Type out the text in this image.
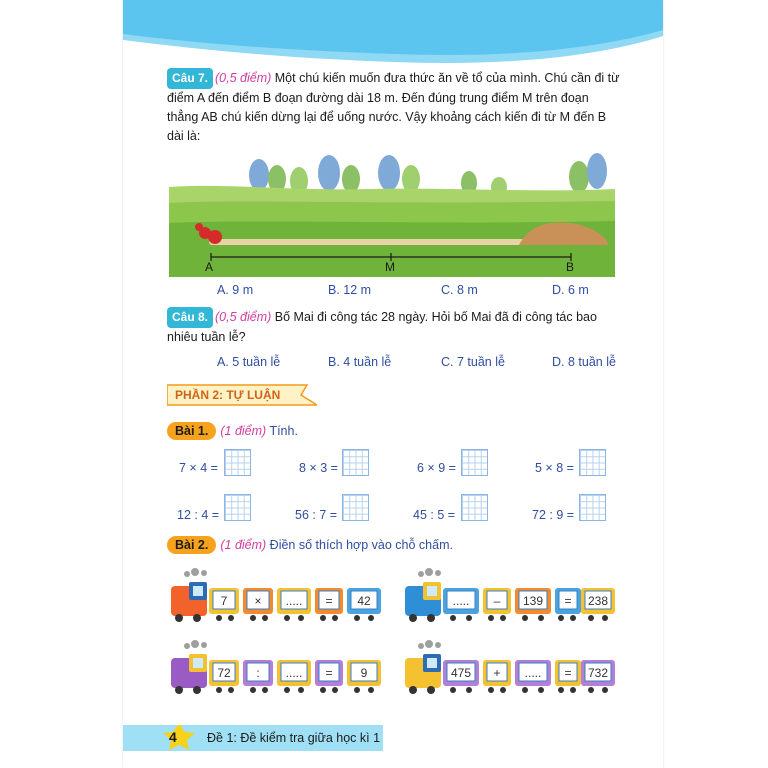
Câu 7. (0,5 điểm) Một chú kiến muốn đưa thức ăn về tổ của mình. Chú cần đi từ
điểm A đến điểm B đoạn đường dài 18 m. Đến đúng trung điểm M trên đoạn
thẳng AB chú kiến dừng lại để uống nước. Vậy khoảng cách kiến đi từ M đến B
dài là:
A	M	B
A. 9 m	B. 12 m	C. 8 m	D. 6 m
Câu 8. (0,5 điểm) Bố Mai đi công tác 28 ngày. Hỏi bố Mai đã đi công tác bao
nhiêu tuần lễ?
A. 5 tuần lễ	B. 4 tuần lễ	C. 7 tuần lễ	D. 8 tuần lễ
PHẦN 2: TỰ LUẬN
Bài 1. (1 điểm) Tính.
7 × 4 =	8 × 3 =	6 × 9 =	5 × 8 =
12 : 4 =	56 : 7 =	45 : 5 =	72 : 9 =
Bài 2. (1 điểm) Điền số thích hợp vào chỗ chấm.
7 × ..... = 42	..... – 139 = 238
72 : ..... = 9	475 + ..... = 732
4 Đề 1: Đề kiểm tra giữa học kì 1
